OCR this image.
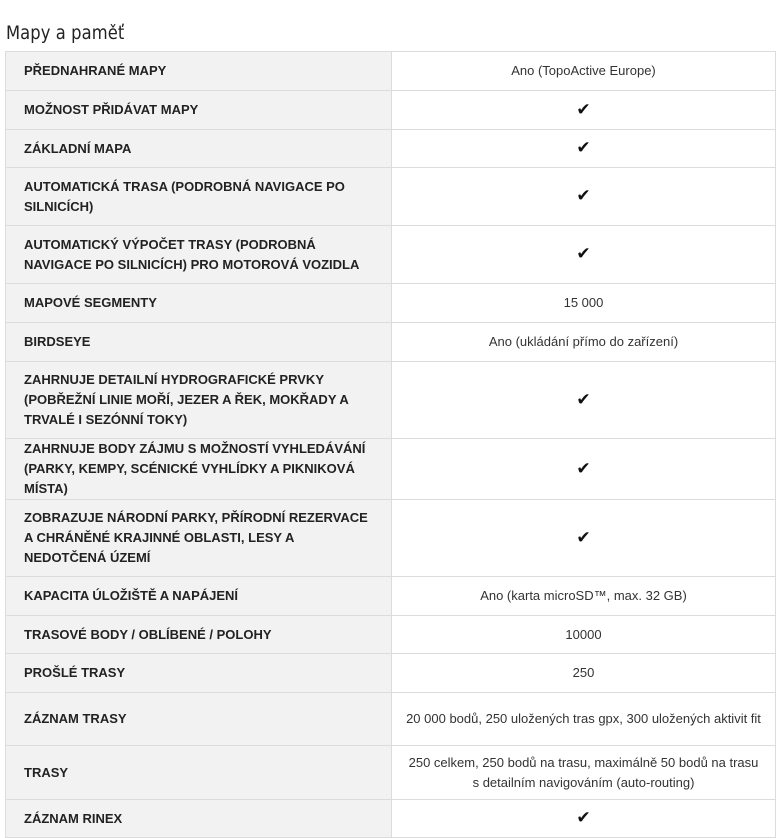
Mapy a paměť
PŘEDNAHRANÉ MAPY	Ano (TopoActive Europe)
MOŽNOST PŘIDÁVAT MAPY	✔
ZÁKLADNÍ MAPA	✔
AUTOMATICKÁ TRASA (PODROBNÁ NAVIGACE PO SILNICÍCH)	✔
AUTOMATICKÝ VÝPOČET TRASY (PODROBNÁ NAVIGACE PO SILNICÍCH) PRO MOTOROVÁ VOZIDLA	✔
MAPOVÉ SEGMENTY	15 000
BIRDSEYE	Ano (ukládání přímo do zařízení)
ZAHRNUJE DETAILNÍ HYDROGRAFICKÉ PRVKY (POBŘEŽNÍ LINIE MOŘÍ, JEZER A ŘEK, MOKŘADY A TRVALÉ I SEZÓNNÍ TOKY)	✔
ZAHRNUJE BODY ZÁJMU S MOŽNOSTÍ VYHLEDÁVÁNÍ (PARKY, KEMPY, SCÉNICKÉ VYHLÍDKY A PIKNIKOVÁ MÍSTA)	✔
ZOBRAZUJE NÁRODNÍ PARKY, PŘÍRODNÍ REZERVACE A CHRÁNĚNÉ KRAJINNÉ OBLASTI, LESY A NEDOTČENÁ ÚZEMÍ	✔
KAPACITA ÚLOŽIŠTĚ A NAPÁJENÍ	Ano (karta microSD™, max. 32 GB)
TRASOVÉ BODY / OBLÍBENÉ / POLOHY	10000
PROŠLÉ TRASY	250
ZÁZNAM TRASY	20 000 bodů, 250 uložených tras gpx, 300 uložených aktivit fit
TRASY	250 celkem, 250 bodů na trasu, maximálně 50 bodů na trasu s detailním navigováním (auto-routing)
ZÁZNAM RINEX	✔
